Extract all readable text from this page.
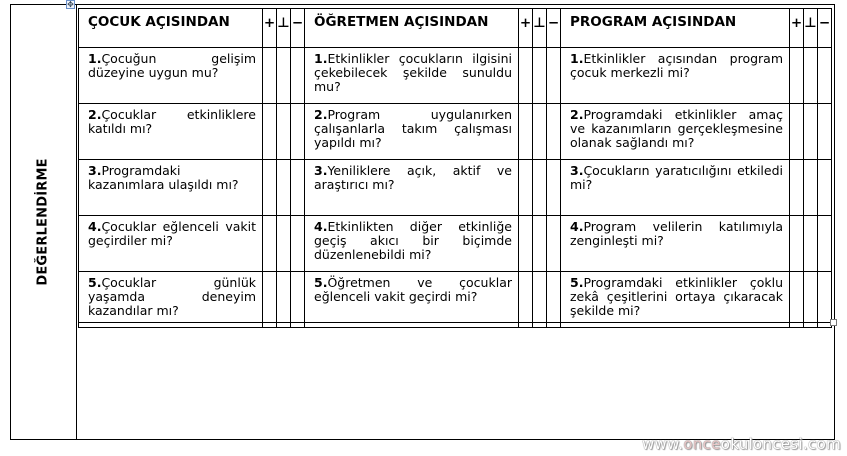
✥
DEĞERLENDİRME
ÇOCUK AÇISINDAN	+	⊥	−	ÖĞRETMEN AÇISINDAN	+	⊥	−	PROGRAM AÇISINDAN	+	⊥	−
1.Çocuğun gelişim düzeyine uygun mu?				1.Etkinlikler çocukların ilgisini çekebilecek şekilde sunuldu mu?				1.Etkinlikler açısından program çocuk merkezli mi?			
2.Çocuklar etkinliklere katıldı mı?				2.Program uygulanırken çalışanlarla takım çalışması yapıldı mı?				2.Programdaki etkinlikler amaç ve kazanımların gerçekleşmesine olanak sağlandı mı?			
3.Programdaki kazanımlara ulaşıldı mı?				3.Yeniliklere açık, aktif ve araştırıcı mı?				3.Çocukların yaratıcılığını etkiledi mi?			
4.Çocuklar eğlenceli vakit geçirdiler mi?				4.Etkinlikten diğer etkinliğe geçiş akıcı bir biçimde düzenlenebildi mi?				4.Program velilerin katılımıyla zenginleşti mi?			
5.Çocuklar günlük yaşamda deneyim kazandılar mı?				5.Öğretmen ve çocuklar eğlenceli vakit geçirdi mi?				5.Programdaki etkinlikler çoklu zekâ çeşitlerini ortaya çıkaracak şekilde mi?			
www.onceokuloncesi.com
